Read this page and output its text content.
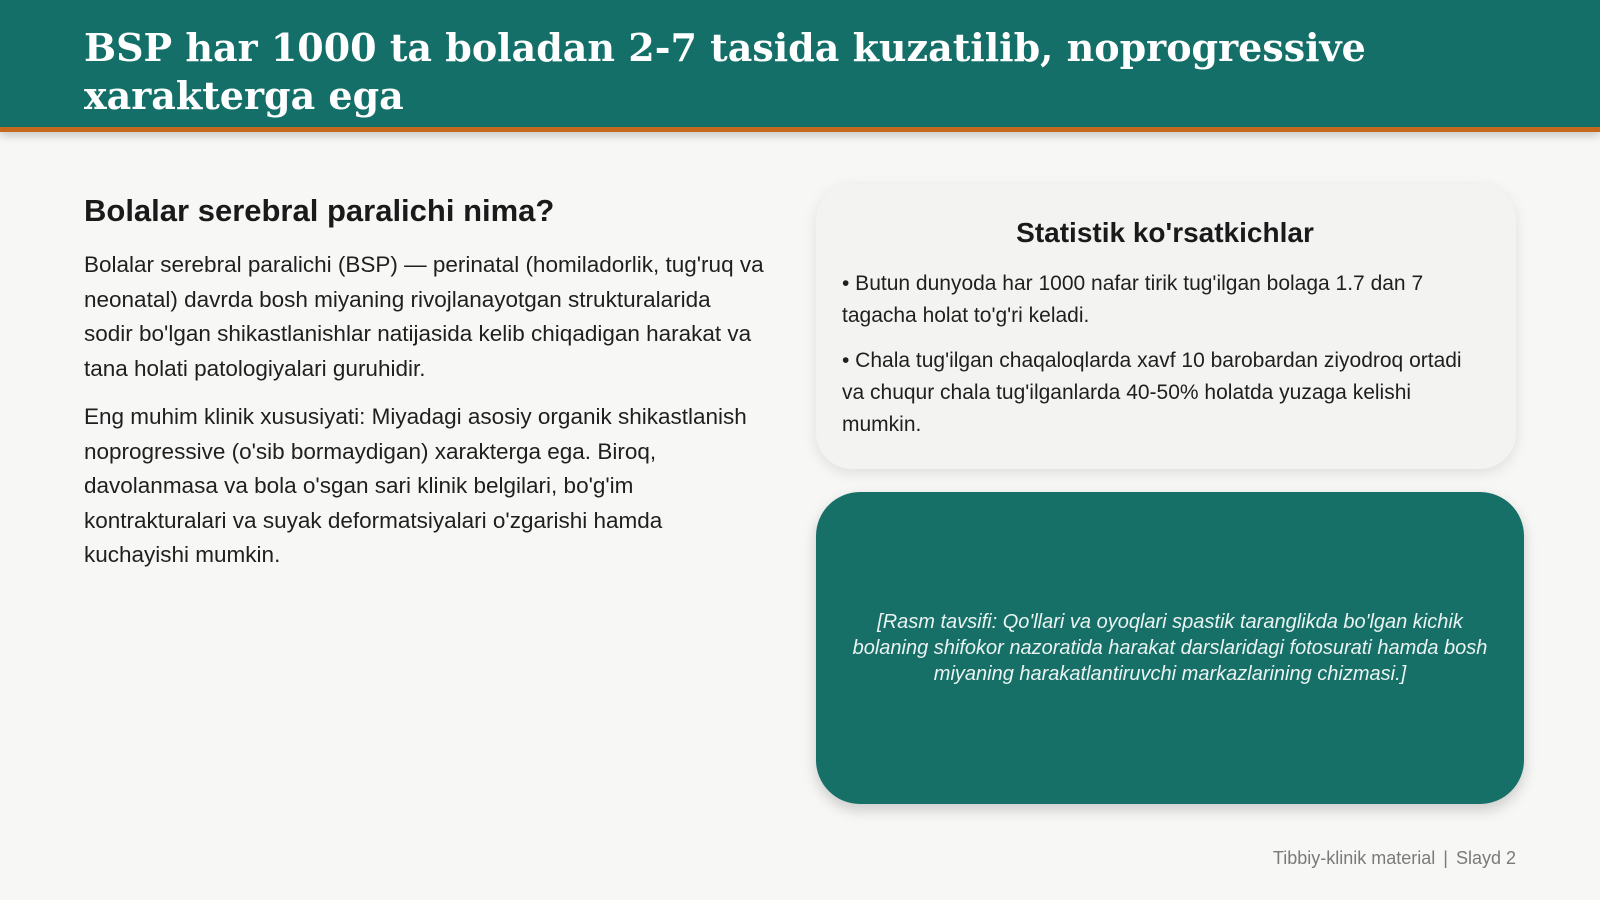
BSP har 1000 ta boladan 2-7 tasida kuzatilib, noprogressive xarakterga ega
Bolalar serebral paralichi nima?

Bolalar serebral paralichi (BSP) — perinatal (homiladorlik, tug'ruq va neonatal) davrda bosh miyaning rivojlanayotgan strukturalarida sodir bo'lgan shikastlanishlar natijasida kelib chiqadigan harakat va tana holati patologiyalari guruhidir.

Eng muhim klinik xususiyati: Miyadagi asosiy organik shikastlanish noprogressive (o'sib bormaydigan) xarakterga ega. Biroq, davolanmasa va bola o'sgan sari klinik belgilari, bo'g'im kontrakturalari va suyak deformatsiyalari o'zgarishi hamda kuchayishi mumkin.

Statistik ko'rsatkichlar

• Butun dunyoda har 1000 nafar tirik tug'ilgan bolaga 1.7 dan 7 tagacha holat to'g'ri keladi.

• Chala tug'ilgan chaqaloqlarda xavf 10 barobardan ziyodroq ortadi va chuqur chala tug'ilganlarda 40-50% holatda yuzaga kelishi mumkin.

[Rasm tavsifi: Qo'llari va oyoqlari spastik taranglikda bo'lgan kichik bolaning shifokor nazoratida harakat darslaridagi fotosurati hamda bosh miyaning harakatlantiruvchi markazlarining chizmasi.]

Tibbiy-klinik material | Slayd 2
